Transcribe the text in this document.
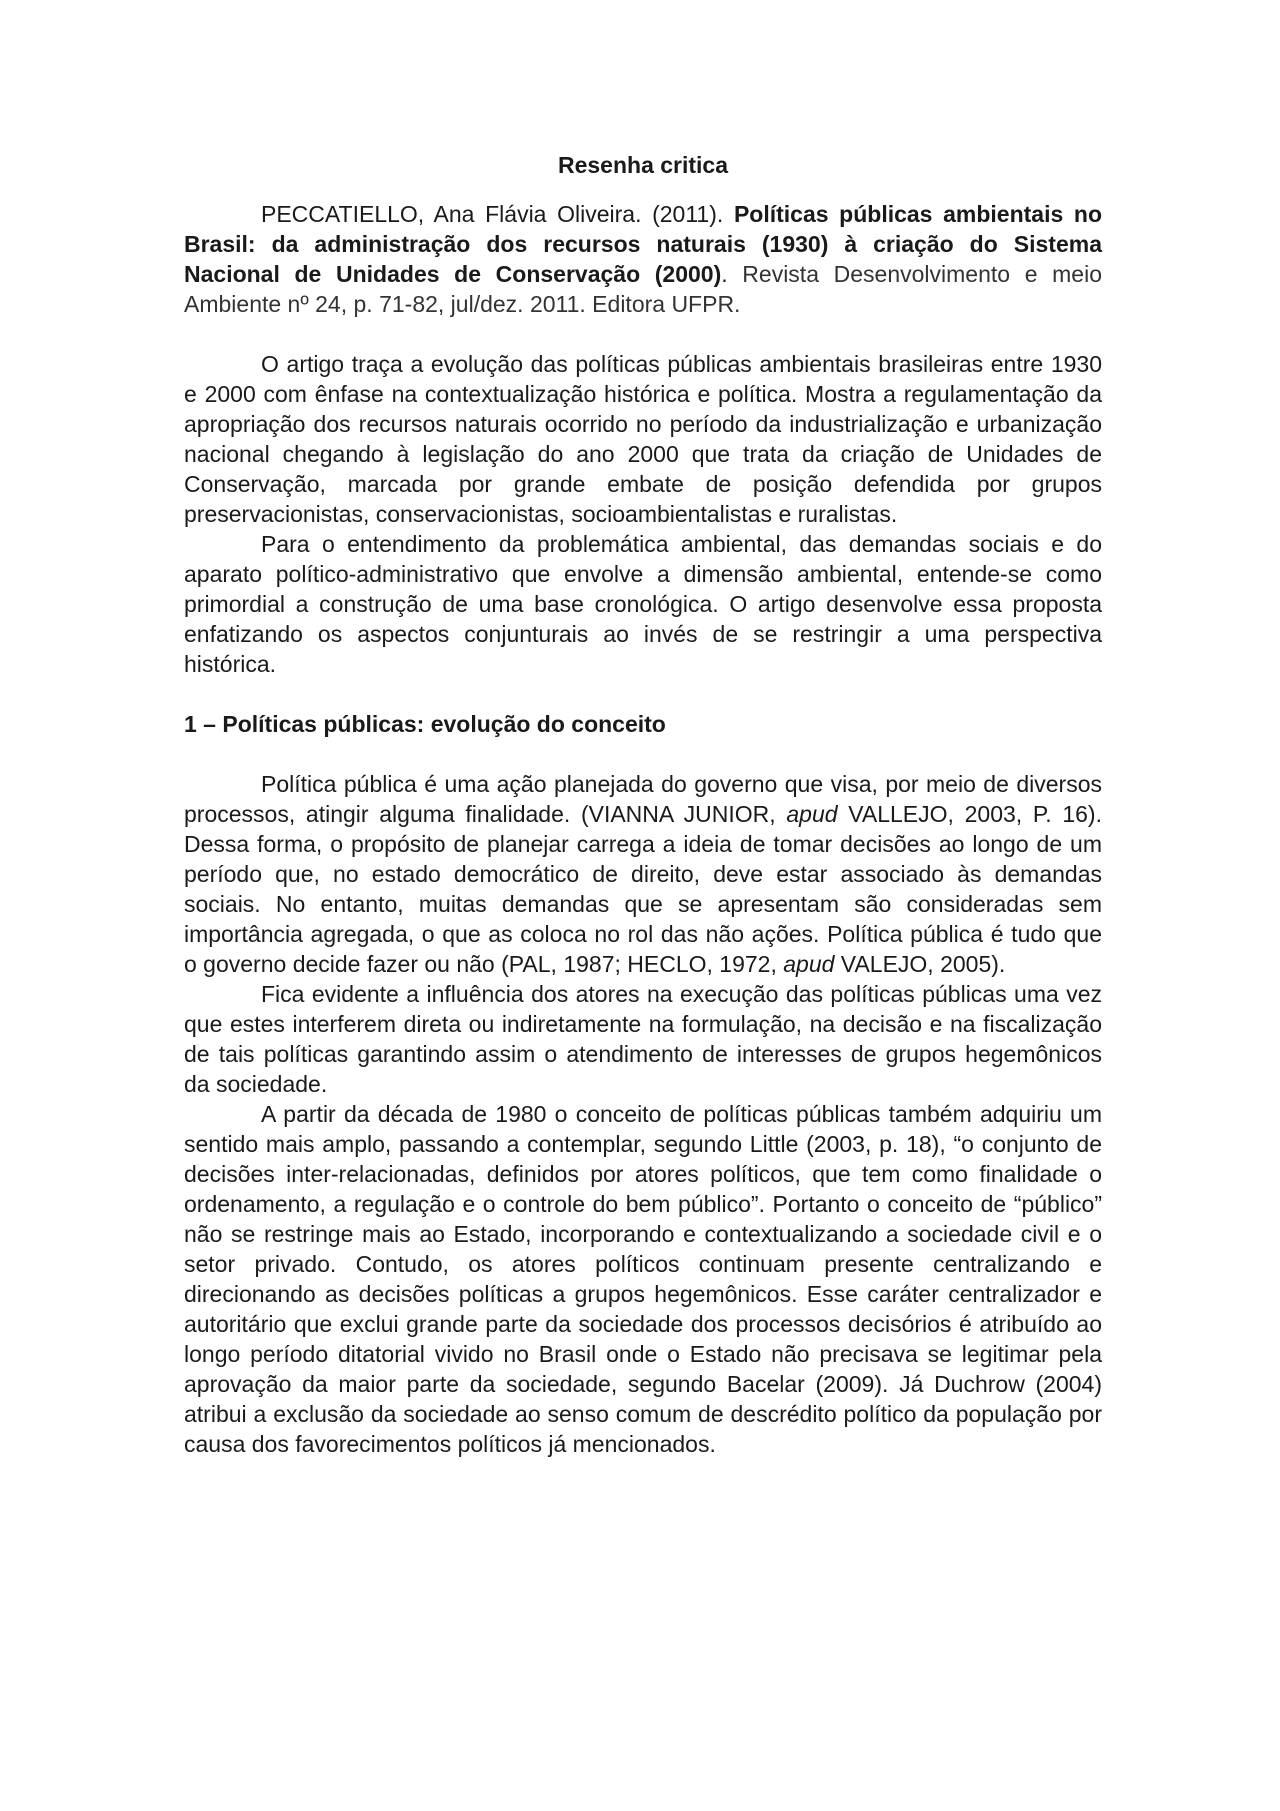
Resenha critica

PECCATIELLO, Ana Flávia Oliveira. (2011). Políticas públicas ambientais no Brasil: da administração dos recursos naturais (1930) à criação do Sistema Nacional de Unidades de Conservação (2000). Revista Desenvolvimento e meio Ambiente nº 24, p. 71-82, jul/dez. 2011. Editora UFPR.

O artigo traça a evolução das políticas públicas ambientais brasileiras entre 1930 e 2000 com ênfase na contextualização histórica e política. Mostra a regulamentação da apropriação dos recursos naturais ocorrido no período da industrialização e urbanização nacional chegando à legislação do ano 2000 que trata da criação de Unidades de Conservação, marcada por grande embate de posição defendida por grupos preservacionistas, conservacionistas, socioambientalistas e ruralistas.

Para o entendimento da problemática ambiental, das demandas sociais e do aparato político-administrativo que envolve a dimensão ambiental, entende-se como primordial a construção de uma base cronológica. O artigo desenvolve essa proposta enfatizando os aspectos conjunturais ao invés de se restringir a uma perspectiva histórica.

1 – Políticas públicas: evolução do conceito

Política pública é uma ação planejada do governo que visa, por meio de diversos processos, atingir alguma finalidade. (VIANNA JUNIOR, apud VALLEJO, 2003, P. 16). Dessa forma, o propósito de planejar carrega a ideia de tomar decisões ao longo de um período que, no estado democrático de direito, deve estar associado às demandas sociais. No entanto, muitas demandas que se apresentam são consideradas sem importância agregada, o que as coloca no rol das não ações. Política pública é tudo que o governo decide fazer ou não (PAL, 1987; HECLO, 1972, apud VALEJO, 2005).

Fica evidente a influência dos atores na execução das políticas públicas uma vez que estes interferem direta ou indiretamente na formulação, na decisão e na fiscalização de tais políticas garantindo assim o atendimento de interesses de grupos hegemônicos da sociedade.

A partir da década de 1980 o conceito de políticas públicas também adquiriu um sentido mais amplo, passando a contemplar, segundo Little (2003, p. 18), “o conjunto de decisões inter-relacionadas, definidos por atores políticos, que tem como finalidade o ordenamento, a regulação e o controle do bem público”. Portanto o conceito de “público” não se restringe mais ao Estado, incorporando e contextualizando a sociedade civil e o setor privado. Contudo, os atores políticos continuam presente centralizando e direcionando as decisões políticas a grupos hegemônicos. Esse caráter centralizador e autoritário que exclui grande parte da sociedade dos processos decisórios é atribuído ao longo período ditatorial vivido no Brasil onde o Estado não precisava se legitimar pela aprovação da maior parte da sociedade, segundo Bacelar (2009). Já Duchrow (2004) atribui a exclusão da sociedade ao senso comum de descrédito político da população por causa dos favorecimentos políticos já mencionados.
